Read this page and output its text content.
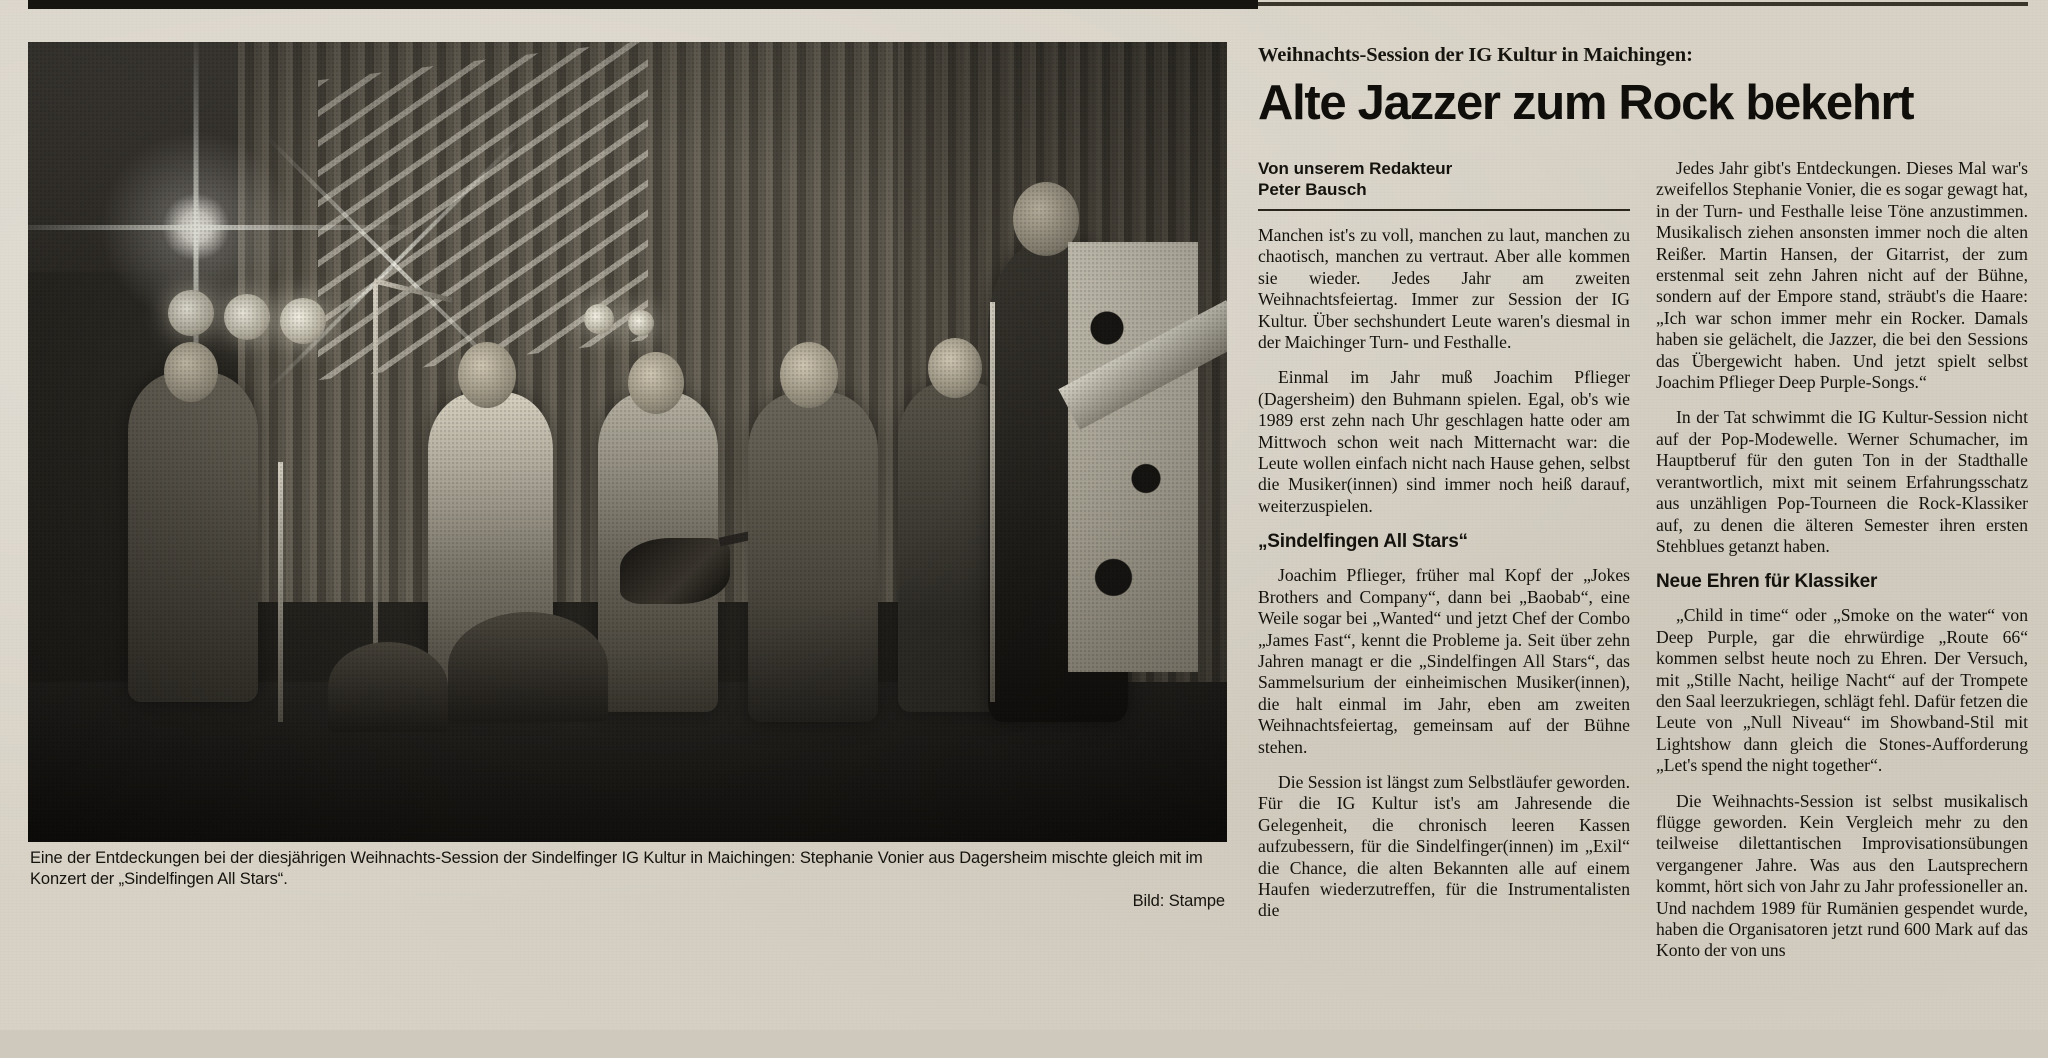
Eine der Entdeckungen bei der diesjährigen Weihnachts-Session der Sindelfinger IG Kultur in Maichingen: Stephanie Vonier aus Dagersheim mischte gleich mit im Konzert der „Sindelfingen All Stars“.
Bild: Stampe
Weihnachts-Session der IG Kultur in Maichingen:
Alte Jazzer zum Rock bekehrt
Von unserem Redakteur
Peter Bausch

Manchen ist's zu voll, manchen zu laut, manchen zu chaotisch, manchen zu vertraut. Aber alle kommen sie wieder. Jedes Jahr am zweiten Weihnachtsfeiertag. Immer zur Session der IG Kultur. Über sechshundert Leute waren's diesmal in der Maichinger Turn- und Festhalle.

Einmal im Jahr muß Joachim Pflieger (Dagersheim) den Buhmann spielen. Egal, ob's wie 1989 erst zehn nach Uhr geschlagen hatte oder am Mittwoch schon weit nach Mitternacht war: die Leute wollen einfach nicht nach Hause gehen, selbst die Musiker(innen) sind immer noch heiß darauf, weiterzuspielen.

„Sindelfingen All Stars“

Joachim Pflieger, früher mal Kopf der „Jokes Brothers and Company“, dann bei „Baobab“, eine Weile sogar bei „Wanted“ und jetzt Chef der Combo „James Fast“, kennt die Probleme ja. Seit über zehn Jahren managt er die „Sindelfingen All Stars“, das Sammelsurium der einheimischen Musiker(innen), die halt einmal im Jahr, eben am zweiten Weihnachtsfeiertag, gemeinsam auf der Bühne stehen.

Die Session ist längst zum Selbstläufer geworden. Für die IG Kultur ist's am Jahresende die Gelegenheit, die chronisch leeren Kassen aufzubessern, für die Sindelfinger(innen) im „Exil“ die Chance, die alten Bekannten alle auf einem Haufen wiederzutreffen, für die Instrumentalisten die

Jedes Jahr gibt's Entdeckungen. Dieses Mal war's zweifellos Stephanie Vonier, die es sogar gewagt hat, in der Turn- und Festhalle leise Töne anzustimmen. Musikalisch ziehen ansonsten immer noch die alten Reißer. Martin Hansen, der Gitarrist, der zum erstenmal seit zehn Jahren nicht auf der Bühne, sondern auf der Empore stand, sträubt's die Haare: „Ich war schon immer mehr ein Rocker. Damals haben sie gelächelt, die Jazzer, die bei den Sessions das Übergewicht haben. Und jetzt spielt selbst Joachim Pflieger Deep Purple-Songs.“

In der Tat schwimmt die IG Kultur-Session nicht auf der Pop-Modewelle. Werner Schumacher, im Hauptberuf für den guten Ton in der Stadthalle verantwortlich, mixt mit seinem Erfahrungsschatz aus unzähligen Pop-Tourneen die Rock-Klassiker auf, zu denen die älteren Semester ihren ersten Stehblues getanzt haben.

Neue Ehren für Klassiker

„Child in time“ oder „Smoke on the water“ von Deep Purple, gar die ehrwürdige „Route 66“ kommen selbst heute noch zu Ehren. Der Versuch, mit „Stille Nacht, heilige Nacht“ auf der Trompete den Saal leerzukriegen, schlägt fehl. Dafür fetzen die Leute von „Null Niveau“ im Showband-Stil mit Lightshow dann gleich die Stones-Aufforderung „Let's spend the night together“.

Die Weihnachts-Session ist selbst musikalisch flügge geworden. Kein Vergleich mehr zu den teilweise dilettantischen Improvisationsübungen vergangener Jahre. Was aus den Lautsprechern kommt, hört sich von Jahr zu Jahr professioneller an. Und nachdem 1989 für Rumänien gespendet wurde, haben die Organisatoren jetzt rund 600 Mark auf das Konto der von uns
